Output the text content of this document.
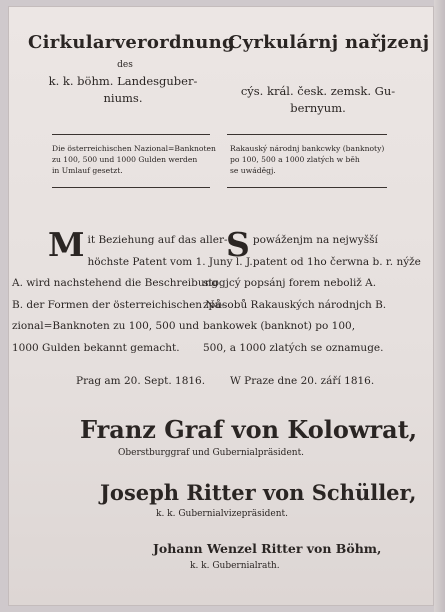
Cirkularverordnung
Cyrkulárnj nařjzenj
des
k. k. böhm. Landesguber-
niums.	cýs. král. česk. zemsk. Gu-
bernyum.
Die österreichischen Nazional=Banknoten
zu 100, 500 und 1000 Gulden werden
in Umlauf gesetzt.
Rakauský národnj bankcwky (banknoty)
po 100, 500 a 1000 zlatých w běh
se uwáděgj.
M it Beziehung auf das aller-
höchste Patent vom 1. Juny l. J.
A. wird nachstehend die Beschreibung
B. der Formen der österreichischen Na-
zional=Banknoten zu 100, 500 und
1000 Gulden bekannt gemacht.
Prag am 20. Sept. 1816.
S powáženjm na nejwyšší
patent od 1ho čerwna b. r. nýže
stogjcý popsánj forem neboliž A.
způsobů Rakauských národnjch B.
bankowek (banknot) po 100,
500, a 1000 zlatých se oznamuge.
W Praze dne 20. září 1816.
Franz Graf von Kolowrat,
Oberstburggraf und Gubernialpräsident.
Joseph Ritter von Schüller,
k. k. Gubernialvizepräsident.
Johann Wenzel Ritter von Böhm,
k. k. Gubernialrath.
